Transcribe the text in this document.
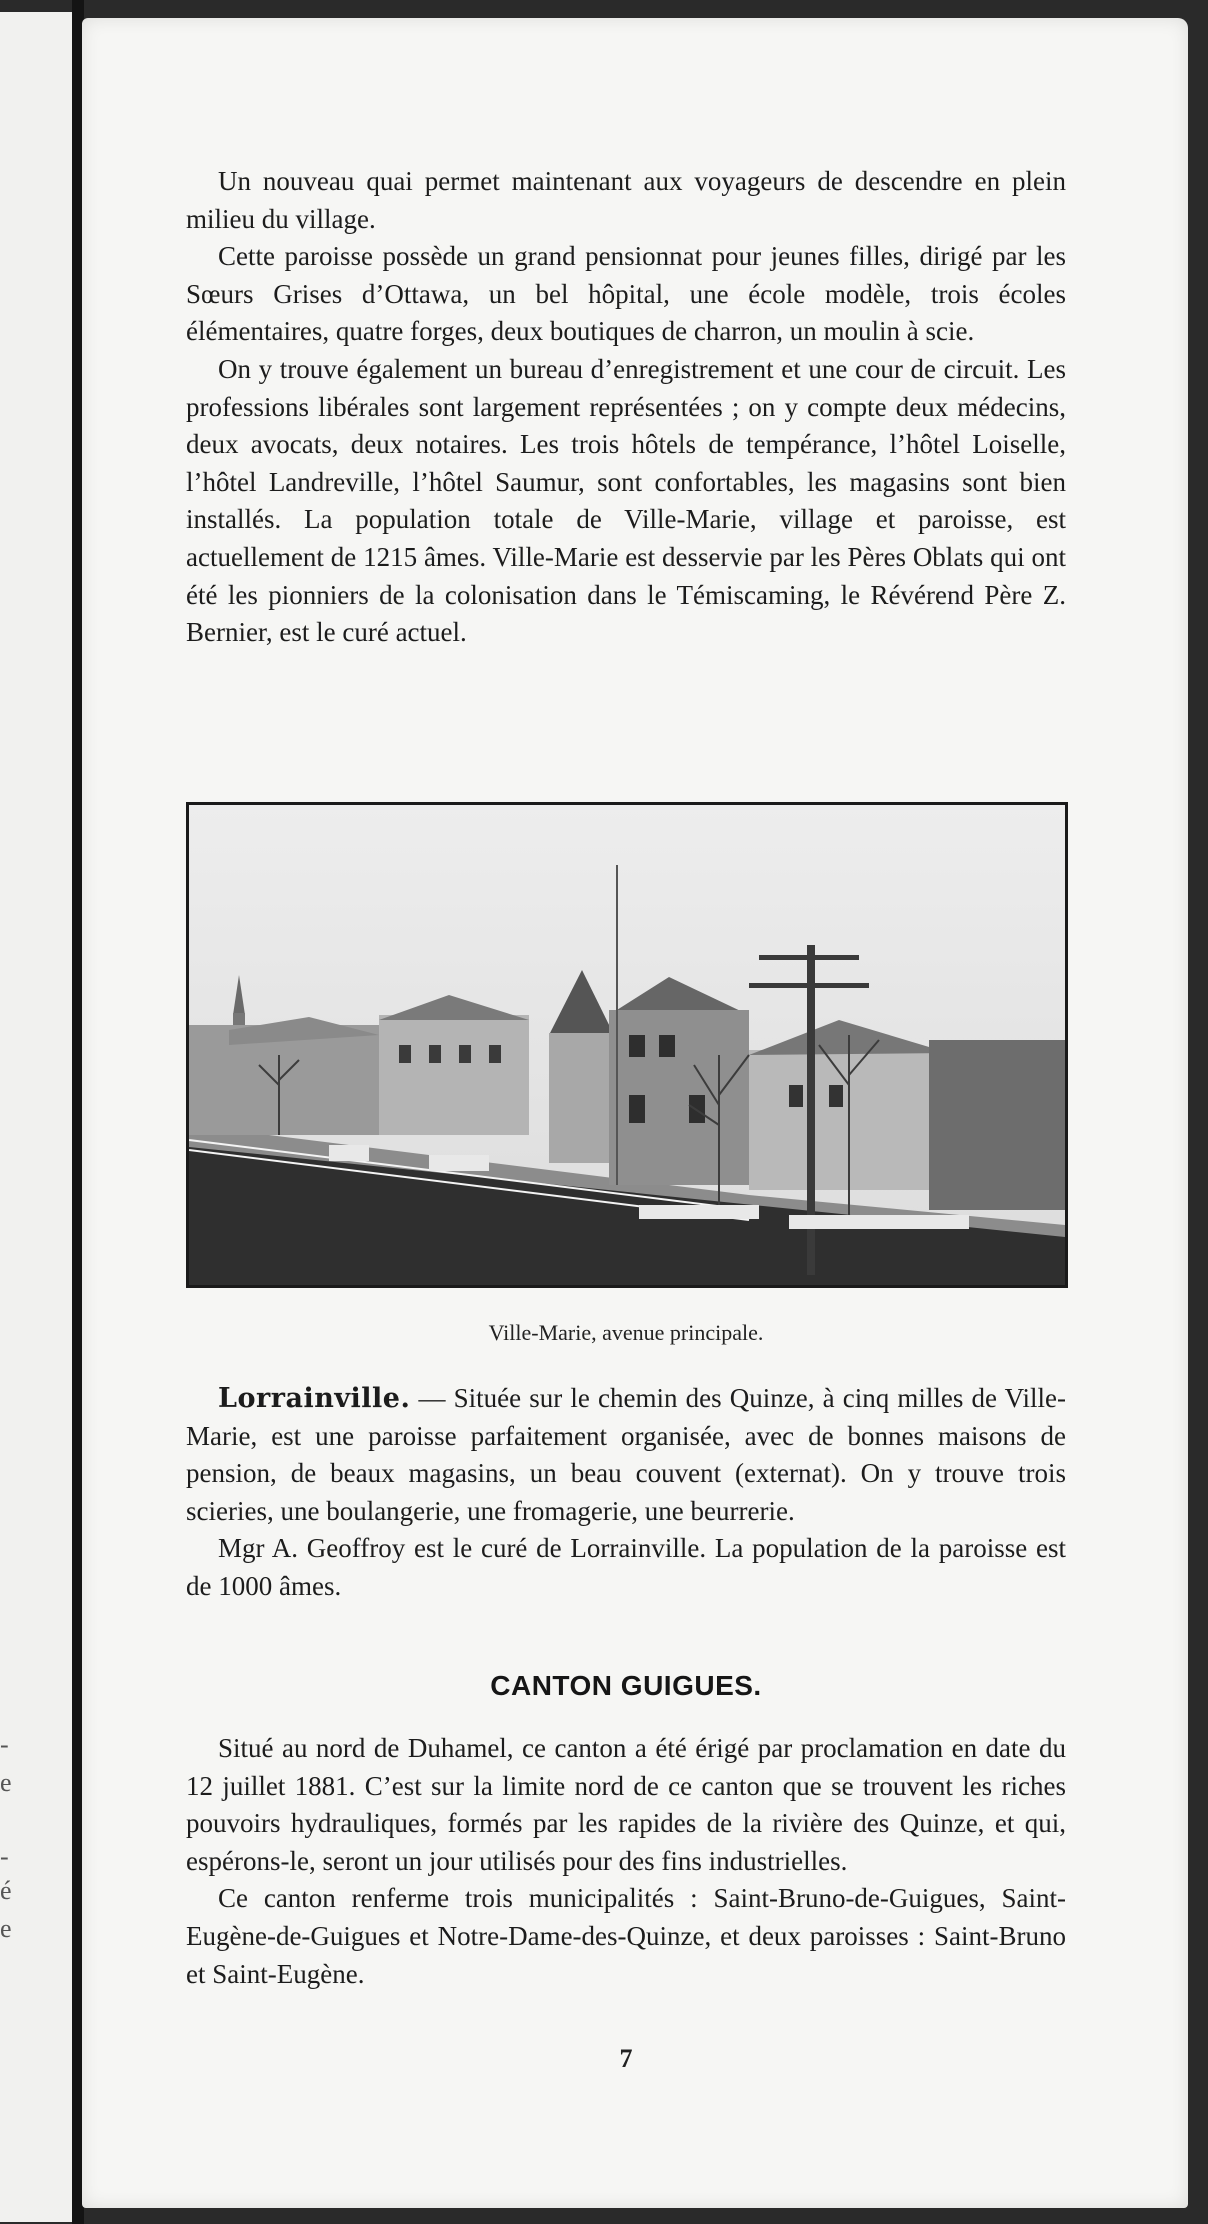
-
e
-
é
e

Un nouveau quai permet maintenant aux voyageurs de descendre en plein milieu du village.

Cette paroisse possède un grand pensionnat pour jeunes filles, dirigé par les Sœurs Grises d’Ottawa, un bel hôpital, une école modèle, trois écoles élémentaires, quatre forges, deux boutiques de charron, un moulin à scie.

On y trouve également un bureau d’enregistrement et une cour de circuit. Les professions libérales sont largement représentées ; on y compte deux médecins, deux avocats, deux notaires. Les trois hôtels de tempérance, l’hôtel Loiselle, l’hôtel Landreville, l’hôtel Saumur, sont confortables, les magasins sont bien installés. La population totale de Ville-Marie, village et paroisse, est actuellement de 1215 âmes. Ville-Marie est desservie par les Pères Oblats qui ont été les pionniers de la colonisation dans le Témiscaming, le Révérend Père Z. Bernier, est le curé actuel.

Ville-Marie, avenue principale.

Lorrainville. — Située sur le chemin des Quinze, à cinq milles de Ville-Marie, est une paroisse parfaitement organisée, avec de bonnes maisons de pension, de beaux magasins, un beau couvent (externat). On y trouve trois scieries, une boulangerie, une fromagerie, une beurrerie.

Mgr A. Geoffroy est le curé de Lorrainville. La population de la paroisse est de 1000 âmes.

CANTON GUIGUES.

Situé au nord de Duhamel, ce canton a été érigé par proclamation en date du 12 juillet 1881. C’est sur la limite nord de ce canton que se trouvent les riches pouvoirs hydrauliques, formés par les rapides de la rivière des Quinze, et qui, espérons-le, seront un jour utilisés pour des fins industrielles.

Ce canton renferme trois municipalités : Saint-Bruno-de-Guigues, Saint-Eugène-de-Guigues et Notre-Dame-des-Quinze, et deux paroisses : Saint-Bruno et Saint-Eugène.

7
